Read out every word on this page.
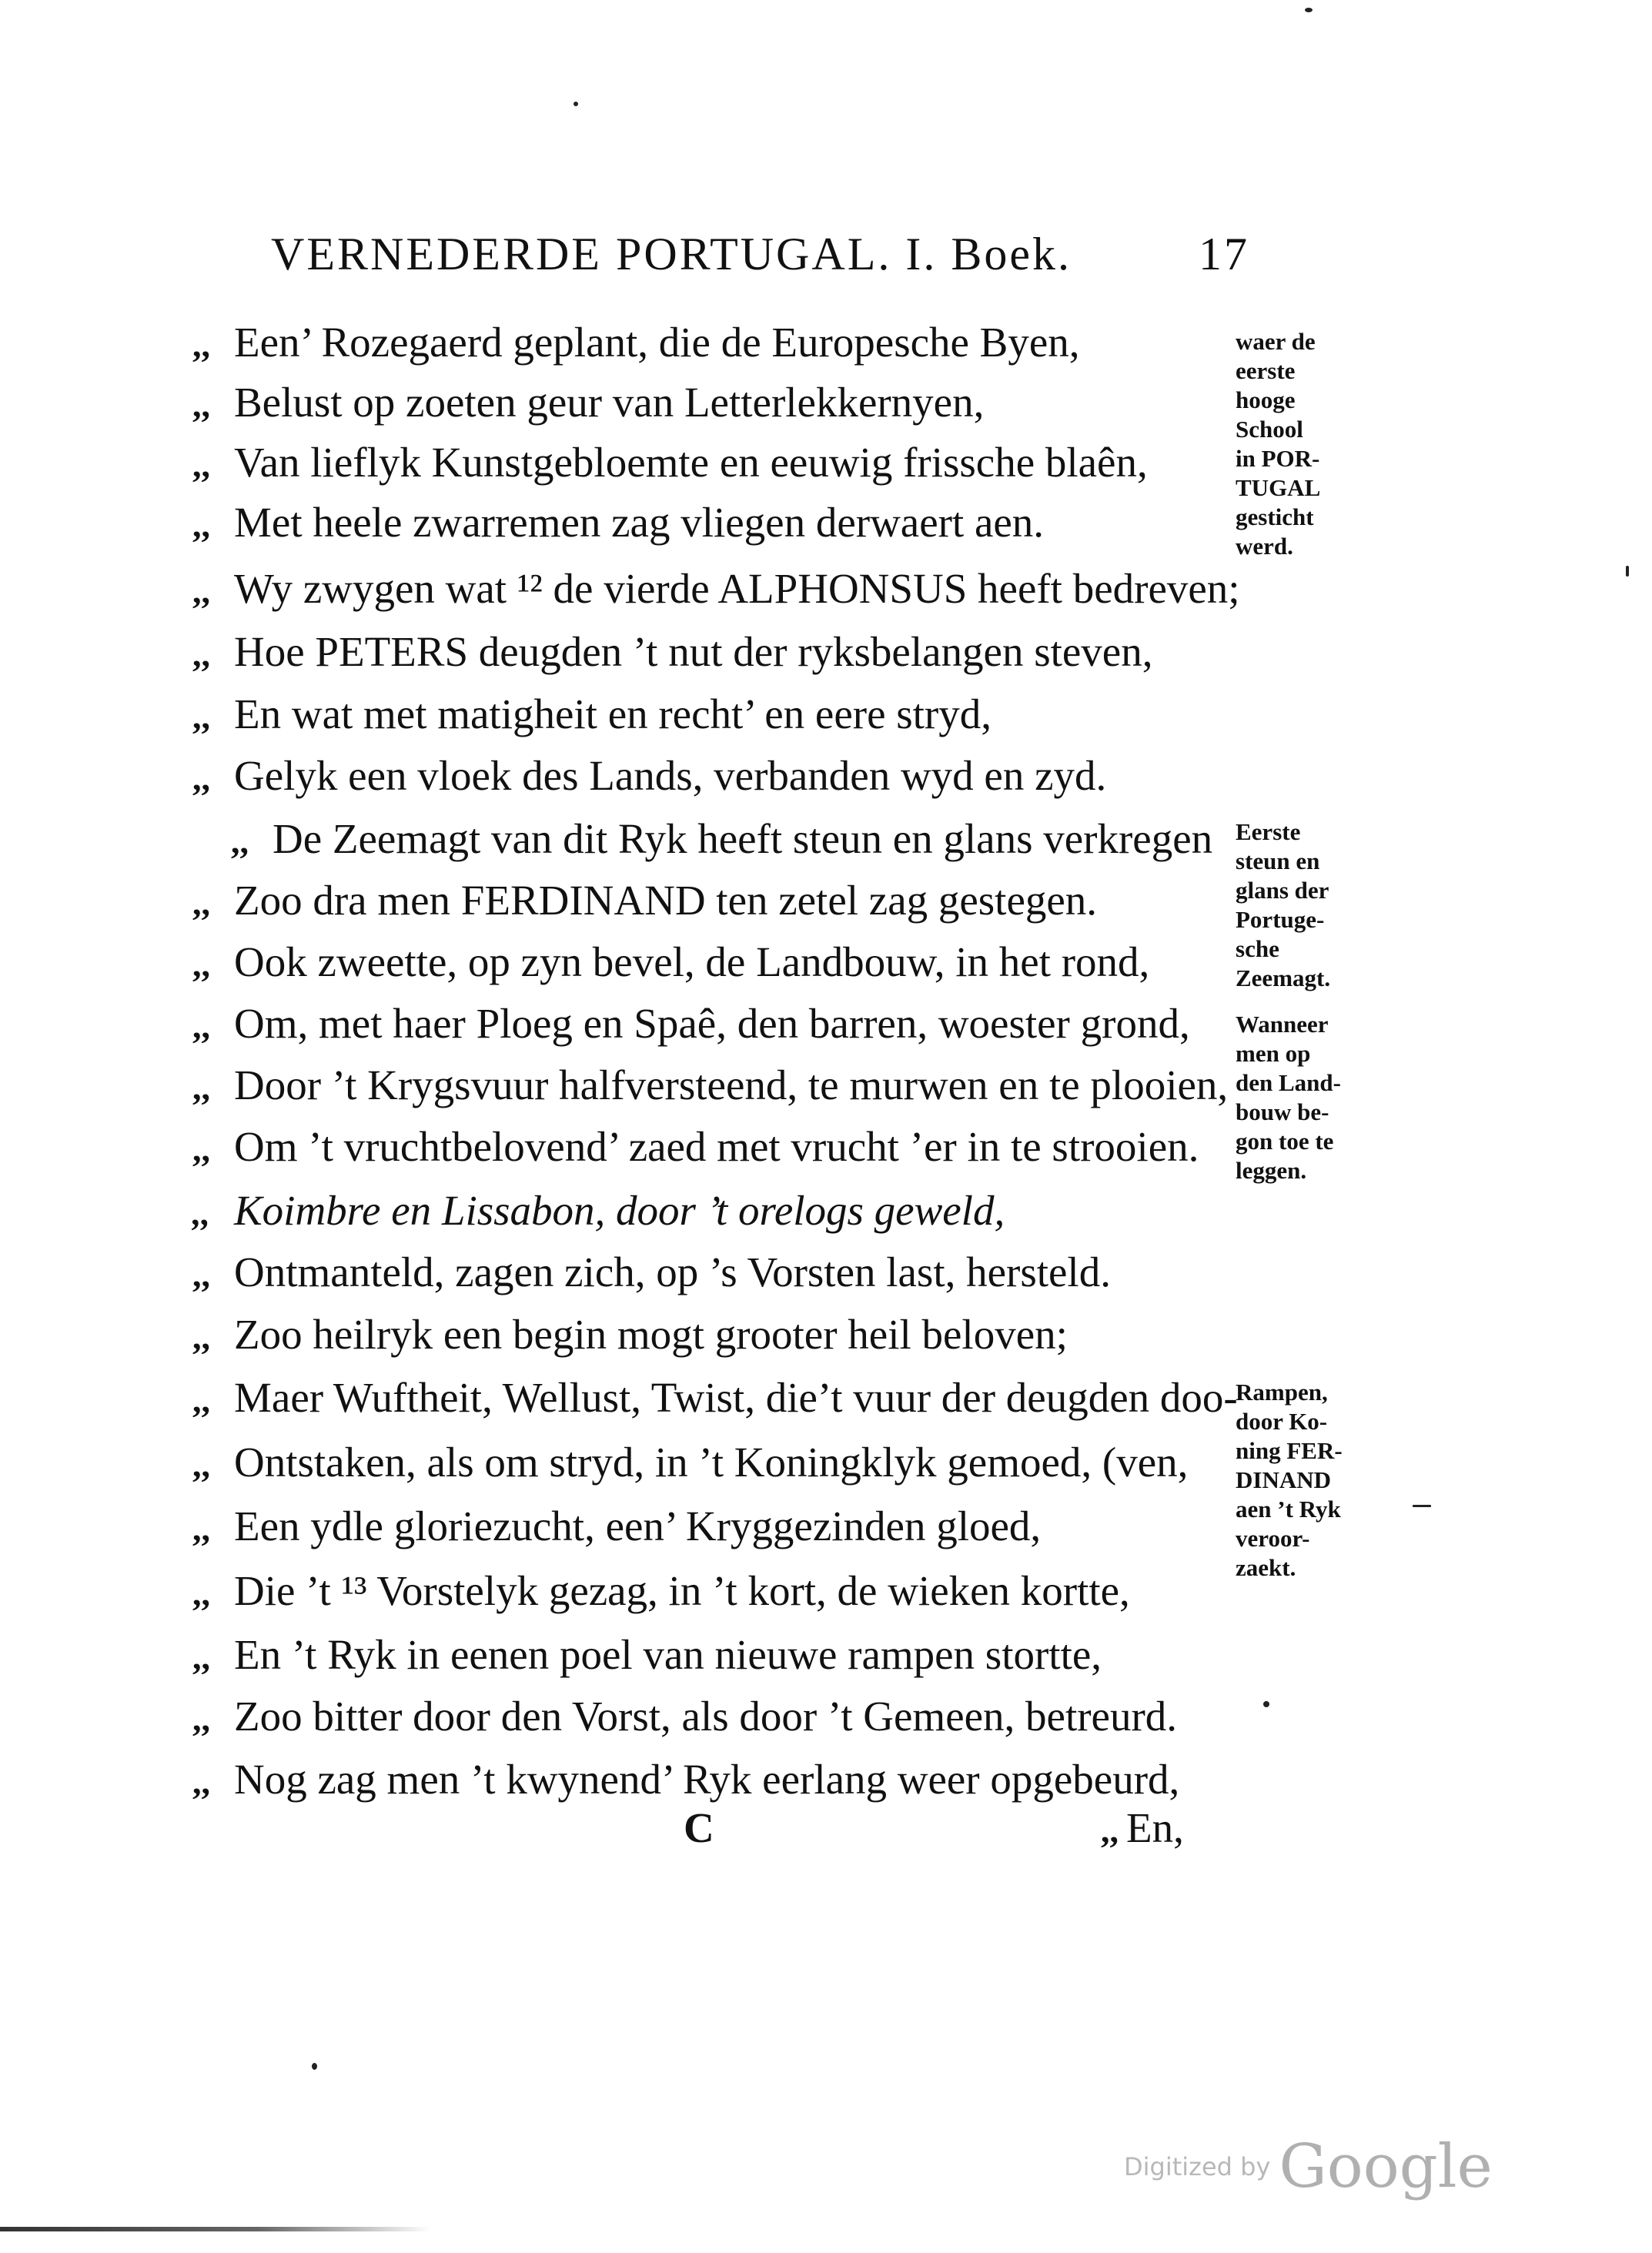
VERNEDERDE PORTUGAL. I. Boek.	17
,, Een’ Rozegaerd geplant, die de Europesche Byen,
,, Belust op zoeten geur van Letterlekkernyen,
,, Van lieflyk Kunstgebloemte en eeuwig frissche blaên,
,, Met heele zwarremen zag vliegen derwaert aen.
,, Wy zwygen wat ¹² de vierde ALPHONSUS heeft bedreven;
,, Hoe PETERS deugden ’t nut der ryksbelangen steven,
,, En wat met matigheit en recht’ en eere stryd,
,, Gelyk een vloek des Lands, verbanden wyd en zyd.
,, De Zeemagt van dit Ryk heeft steun en glans verkregen
,, Zoo dra men FERDINAND ten zetel zag gestegen.
,, Ook zweette, op zyn bevel, de Landbouw, in het rond,
,, Om, met haer Ploeg en Spaê, den barren, woester grond,
,, Door ’t Krygsvuur halfversteend, te murwen en te plooien,
,, Om ’t vruchtbelovend’ zaed met vrucht ’er in te strooien.
,, Koimbre en Lissabon, door ’t orelogs geweld,
,, Ontmanteld, zagen zich, op ’s Vorsten last, hersteld.
,, Zoo heilryk een begin mogt grooter heil beloven;
,, Maer Wuftheit, Wellust, Twist, die’t vuur der deugden doo-
,, Ontstaken, als om stryd, in ’t Koningklyk gemoed, (ven,
,, Een ydle gloriezucht, een’ Kryggezinden gloed,
,, Die ’t ¹³ Vorstelyk gezag, in ’t kort, de wieken kortte,
,, En ’t Ryk in eenen poel van nieuwe rampen stortte,
,, Zoo bitter door den Vorst, als door ’t Gemeen, betreurd.
,, Nog zag men ’t kwynend’ Ryk eerlang weer opgebeurd,
waer de
eerste
hooge
School
in POR-
TUGAL
gesticht
werd.
Eerste
steun en
glans der
Portuge-
sche
Zeemagt.
Wanneer
men op
den Land-
bouw be-
gon toe te
leggen.
Rampen,
door Ko-
ning FER-
DINAND
aen ’t Ryk
veroor-
zaekt.
C	,, En,
Digitized by Google
